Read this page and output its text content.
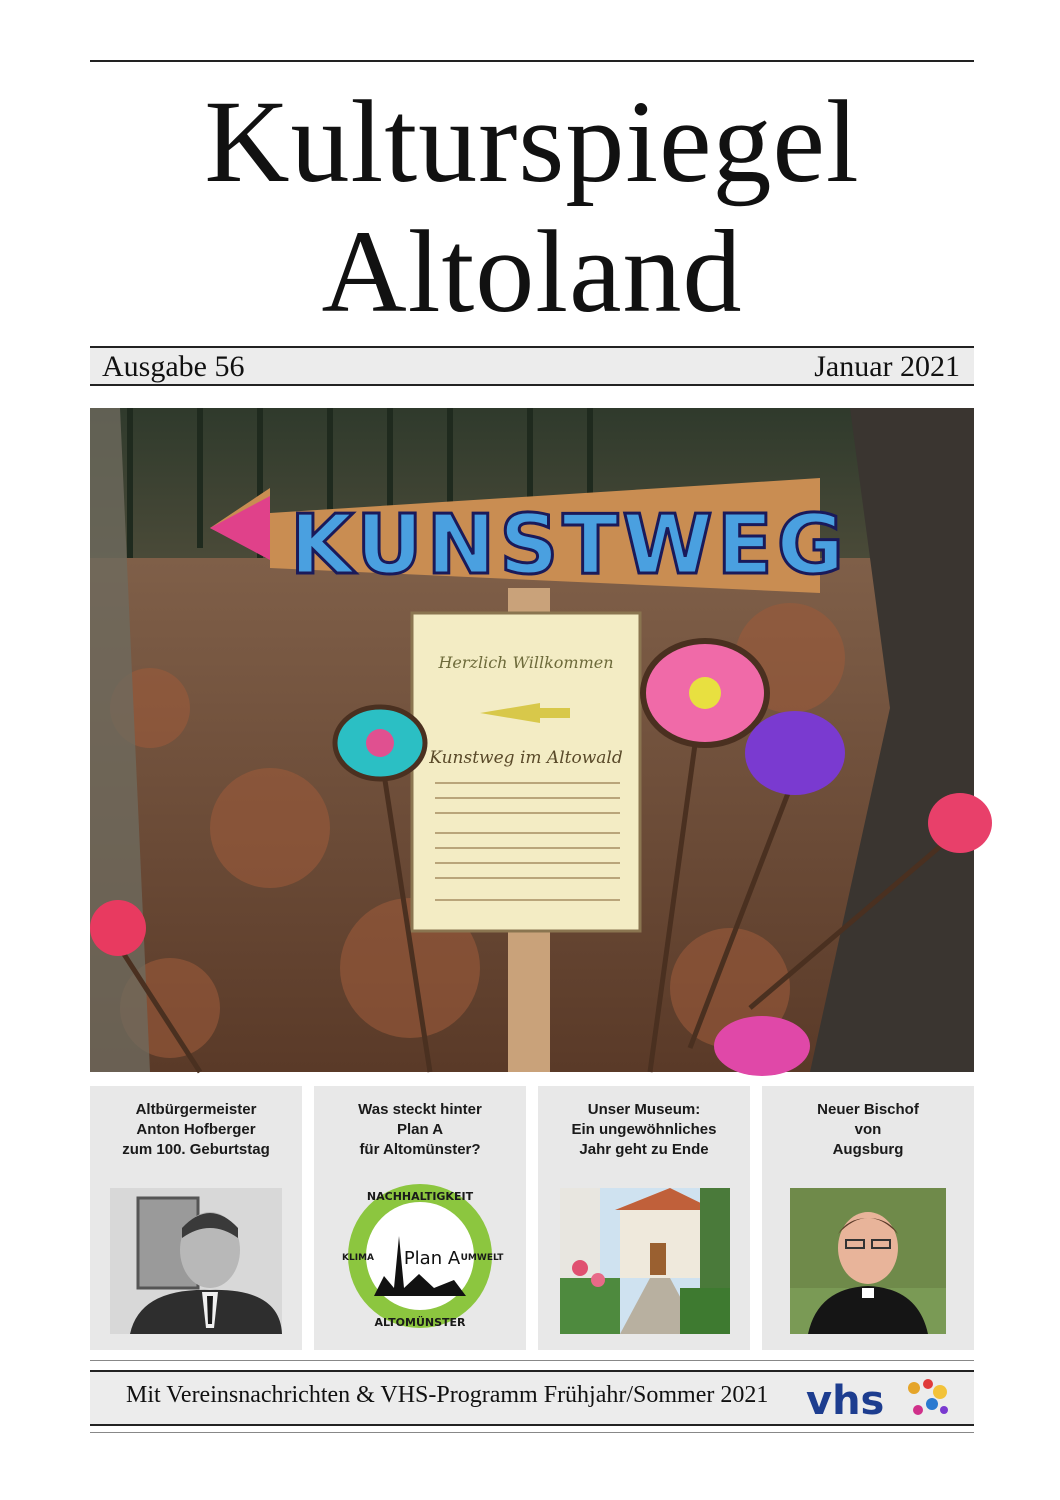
Kulturspiegel
Altoland
Ausgabe 56	Januar 2021
KUNSTWEG
Herzlich Willkommen
Kunstweg im Altowald
Altbürgermeister
Anton Hofberger
zum 100. Geburtstag
Was steckt hinter
Plan A
für Altomünster?
NACHHALTIGKEIT
ALTOMÜNSTER
KLIMA	UMWELT
Plan A
Unser Museum:
Ein ungewöhnliches
Jahr geht zu Ende
Neuer Bischof
von
Augsburg
Mit Vereinsnachrichten & VHS-Programm Frühjahr/Sommer 2021 vhs
